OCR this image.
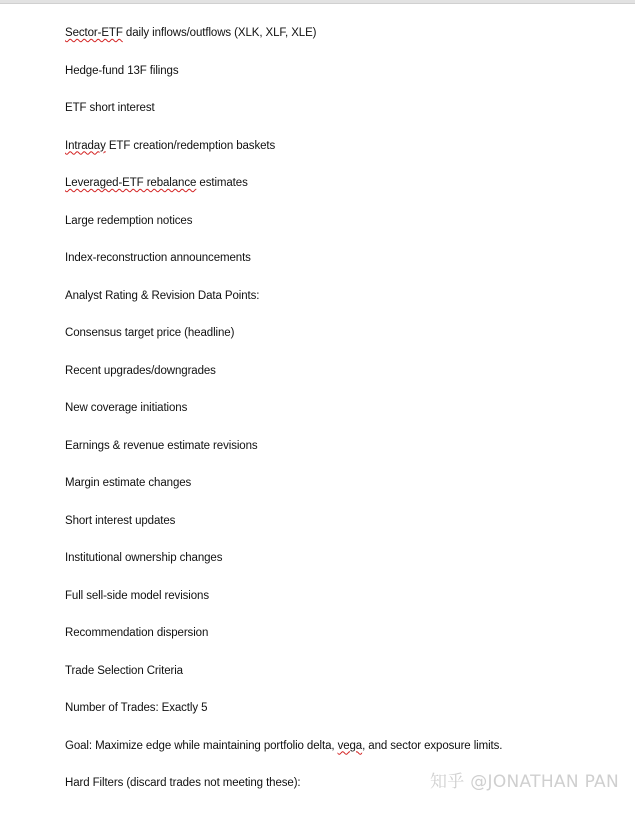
Sector-ETF daily inflows/outflows (XLK, XLF, XLE)
Hedge-fund 13F filings
ETF short interest
Intraday ETF creation/redemption baskets
Leveraged-ETF rebalance estimates
Large redemption notices
Index-reconstruction announcements
Analyst Rating & Revision Data Points:
Consensus target price (headline)
Recent upgrades/downgrades
New coverage initiations
Earnings & revenue estimate revisions
Margin estimate changes
Short interest updates
Institutional ownership changes
Full sell-side model revisions
Recommendation dispersion
Trade Selection Criteria
Number of Trades: Exactly 5
Goal: Maximize edge while maintaining portfolio delta, vega, and sector exposure limits.
Hard Filters (discard trades not meeting these):	知乎 @JONATHAN PAN
